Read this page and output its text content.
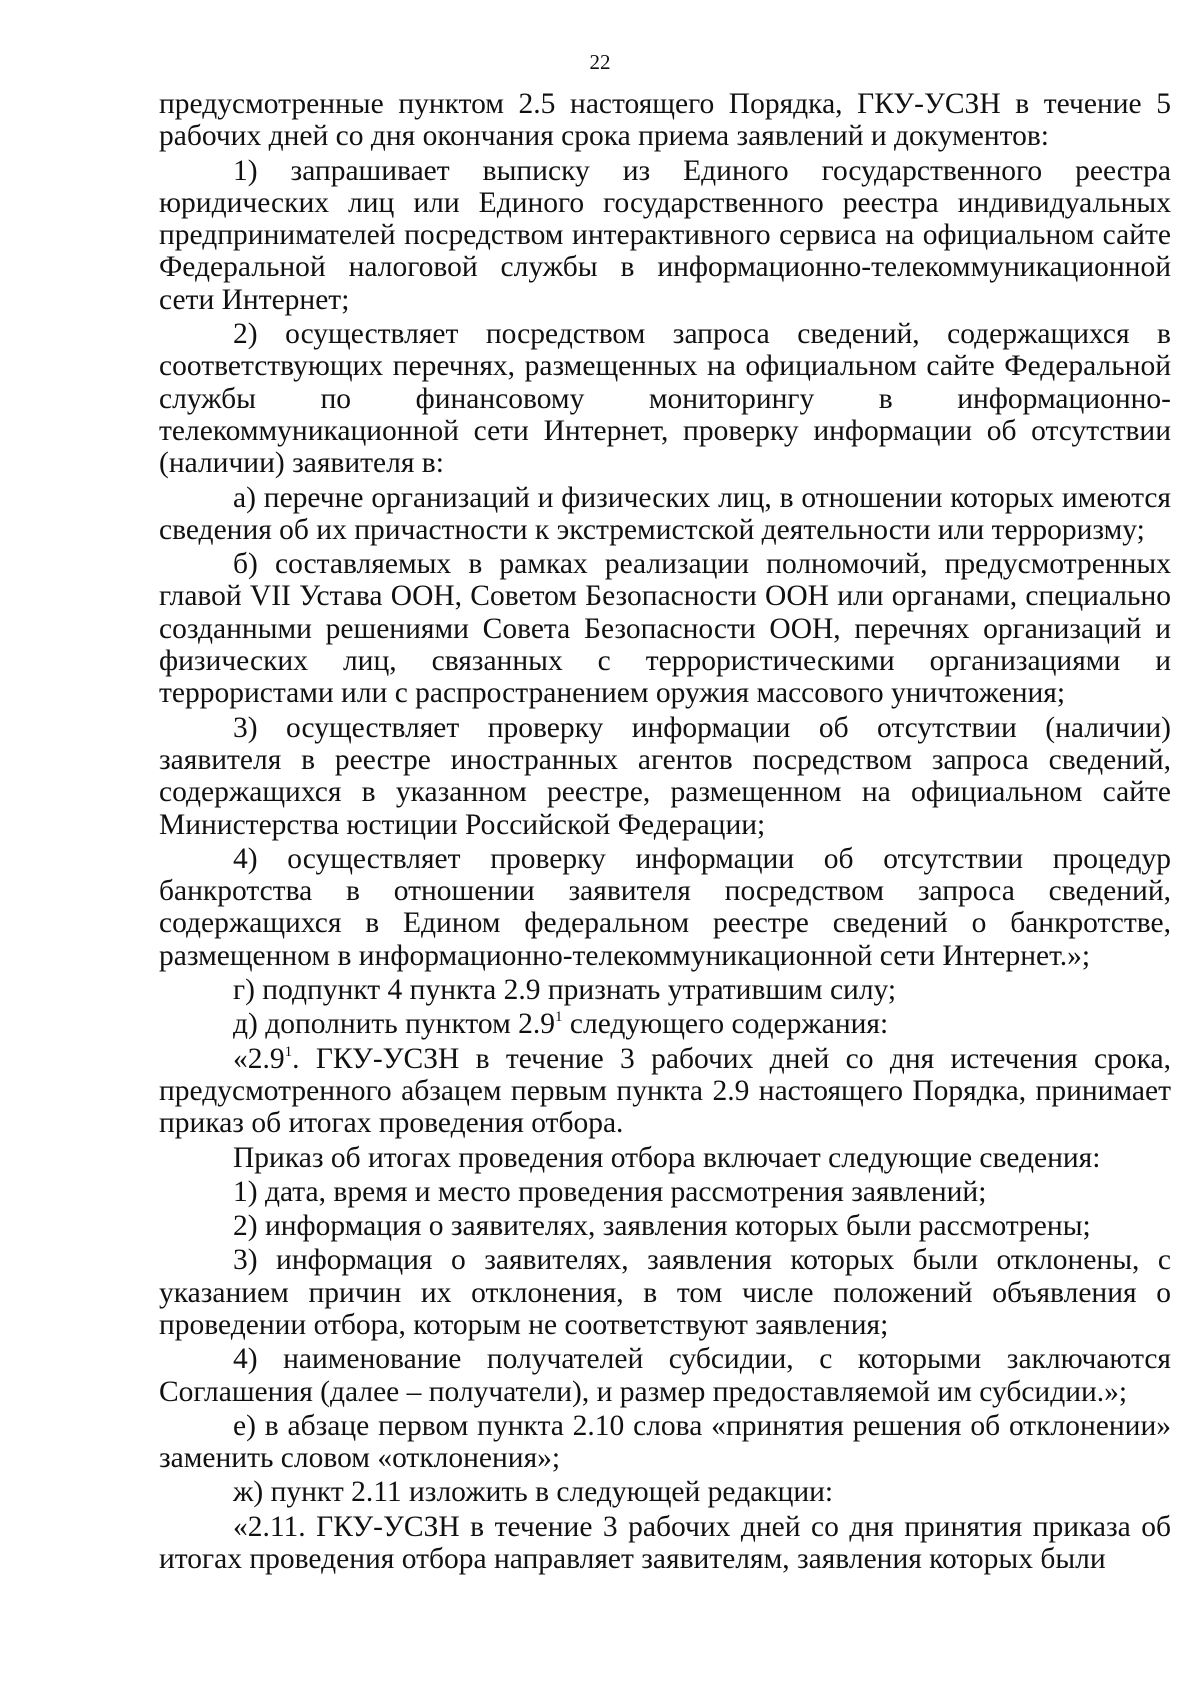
22

предусмотренные пунктом 2.5 настоящего Порядка, ГКУ-УСЗН в течение 5 рабочих дней со дня окончания срока приема заявлений и документов:

1) запрашивает выписку из Единого государственного реестра юридических лиц или Единого государственного реестра индивидуальных предпринимателей посредством интерактивного сервиса на официальном сайте Федеральной налоговой службы в информационно-телекоммуникационной сети Интернет;

2) осуществляет посредством запроса сведений, содержащихся в соответствующих перечнях, размещенных на официальном сайте Федеральной службы по финансовому мониторингу в информационно-телекоммуникационной сети Интернет, проверку информации об отсутствии (наличии) заявителя в:

а) перечне организаций и физических лиц, в отношении которых имеются сведения об их причастности к экстремистской деятельности или терроризму;

б) составляемых в рамках реализации полномочий, предусмотренных главой VII Устава ООН, Советом Безопасности ООН или органами, специально созданными решениями Совета Безопасности ООН, перечнях организаций и физических лиц, связанных с террористическими организациями и террористами или с распространением оружия массового уничтожения;

3) осуществляет проверку информации об отсутствии (наличии) заявителя в реестре иностранных агентов посредством запроса сведений, содержащихся в указанном реестре, размещенном на официальном сайте Министерства юстиции Российской Федерации;

4) осуществляет проверку информации об отсутствии процедур банкротства в отношении заявителя посредством запроса сведений, содержащихся в Едином федеральном реестре сведений о банкротстве, размещенном в информационно-телекоммуникационной сети Интернет.»;

г) подпункт 4 пункта 2.9 признать утратившим силу;

д) дополнить пунктом $2.9^1$ следующего содержания:

«$2.9^1$. ГКУ-УСЗН в течение 3 рабочих дней со дня истечения срока, предусмотренного абзацем первым пункта 2.9 настоящего Порядка, принимает приказ об итогах проведения отбора.

Приказ об итогах проведения отбора включает следующие сведения:

1) дата, время и место проведения рассмотрения заявлений;

2) информация о заявителях, заявления которых были рассмотрены;

3) информация о заявителях, заявления которых были отклонены, с указанием причин их отклонения, в том числе положений объявления о проведении отбора, которым не соответствуют заявления;

4) наименование получателей субсидии, с которыми заключаются Соглашения (далее – получатели), и размер предоставляемой им субсидии.»;

е) в абзаце первом пункта 2.10 слова «принятия решения об отклонении» заменить словом «отклонения»;

ж) пункт 2.11 изложить в следующей редакции:

«2.11. ГКУ-УСЗН в течение 3 рабочих дней со дня принятия приказа об итогах проведения отбора направляет заявителям, заявления которых были
